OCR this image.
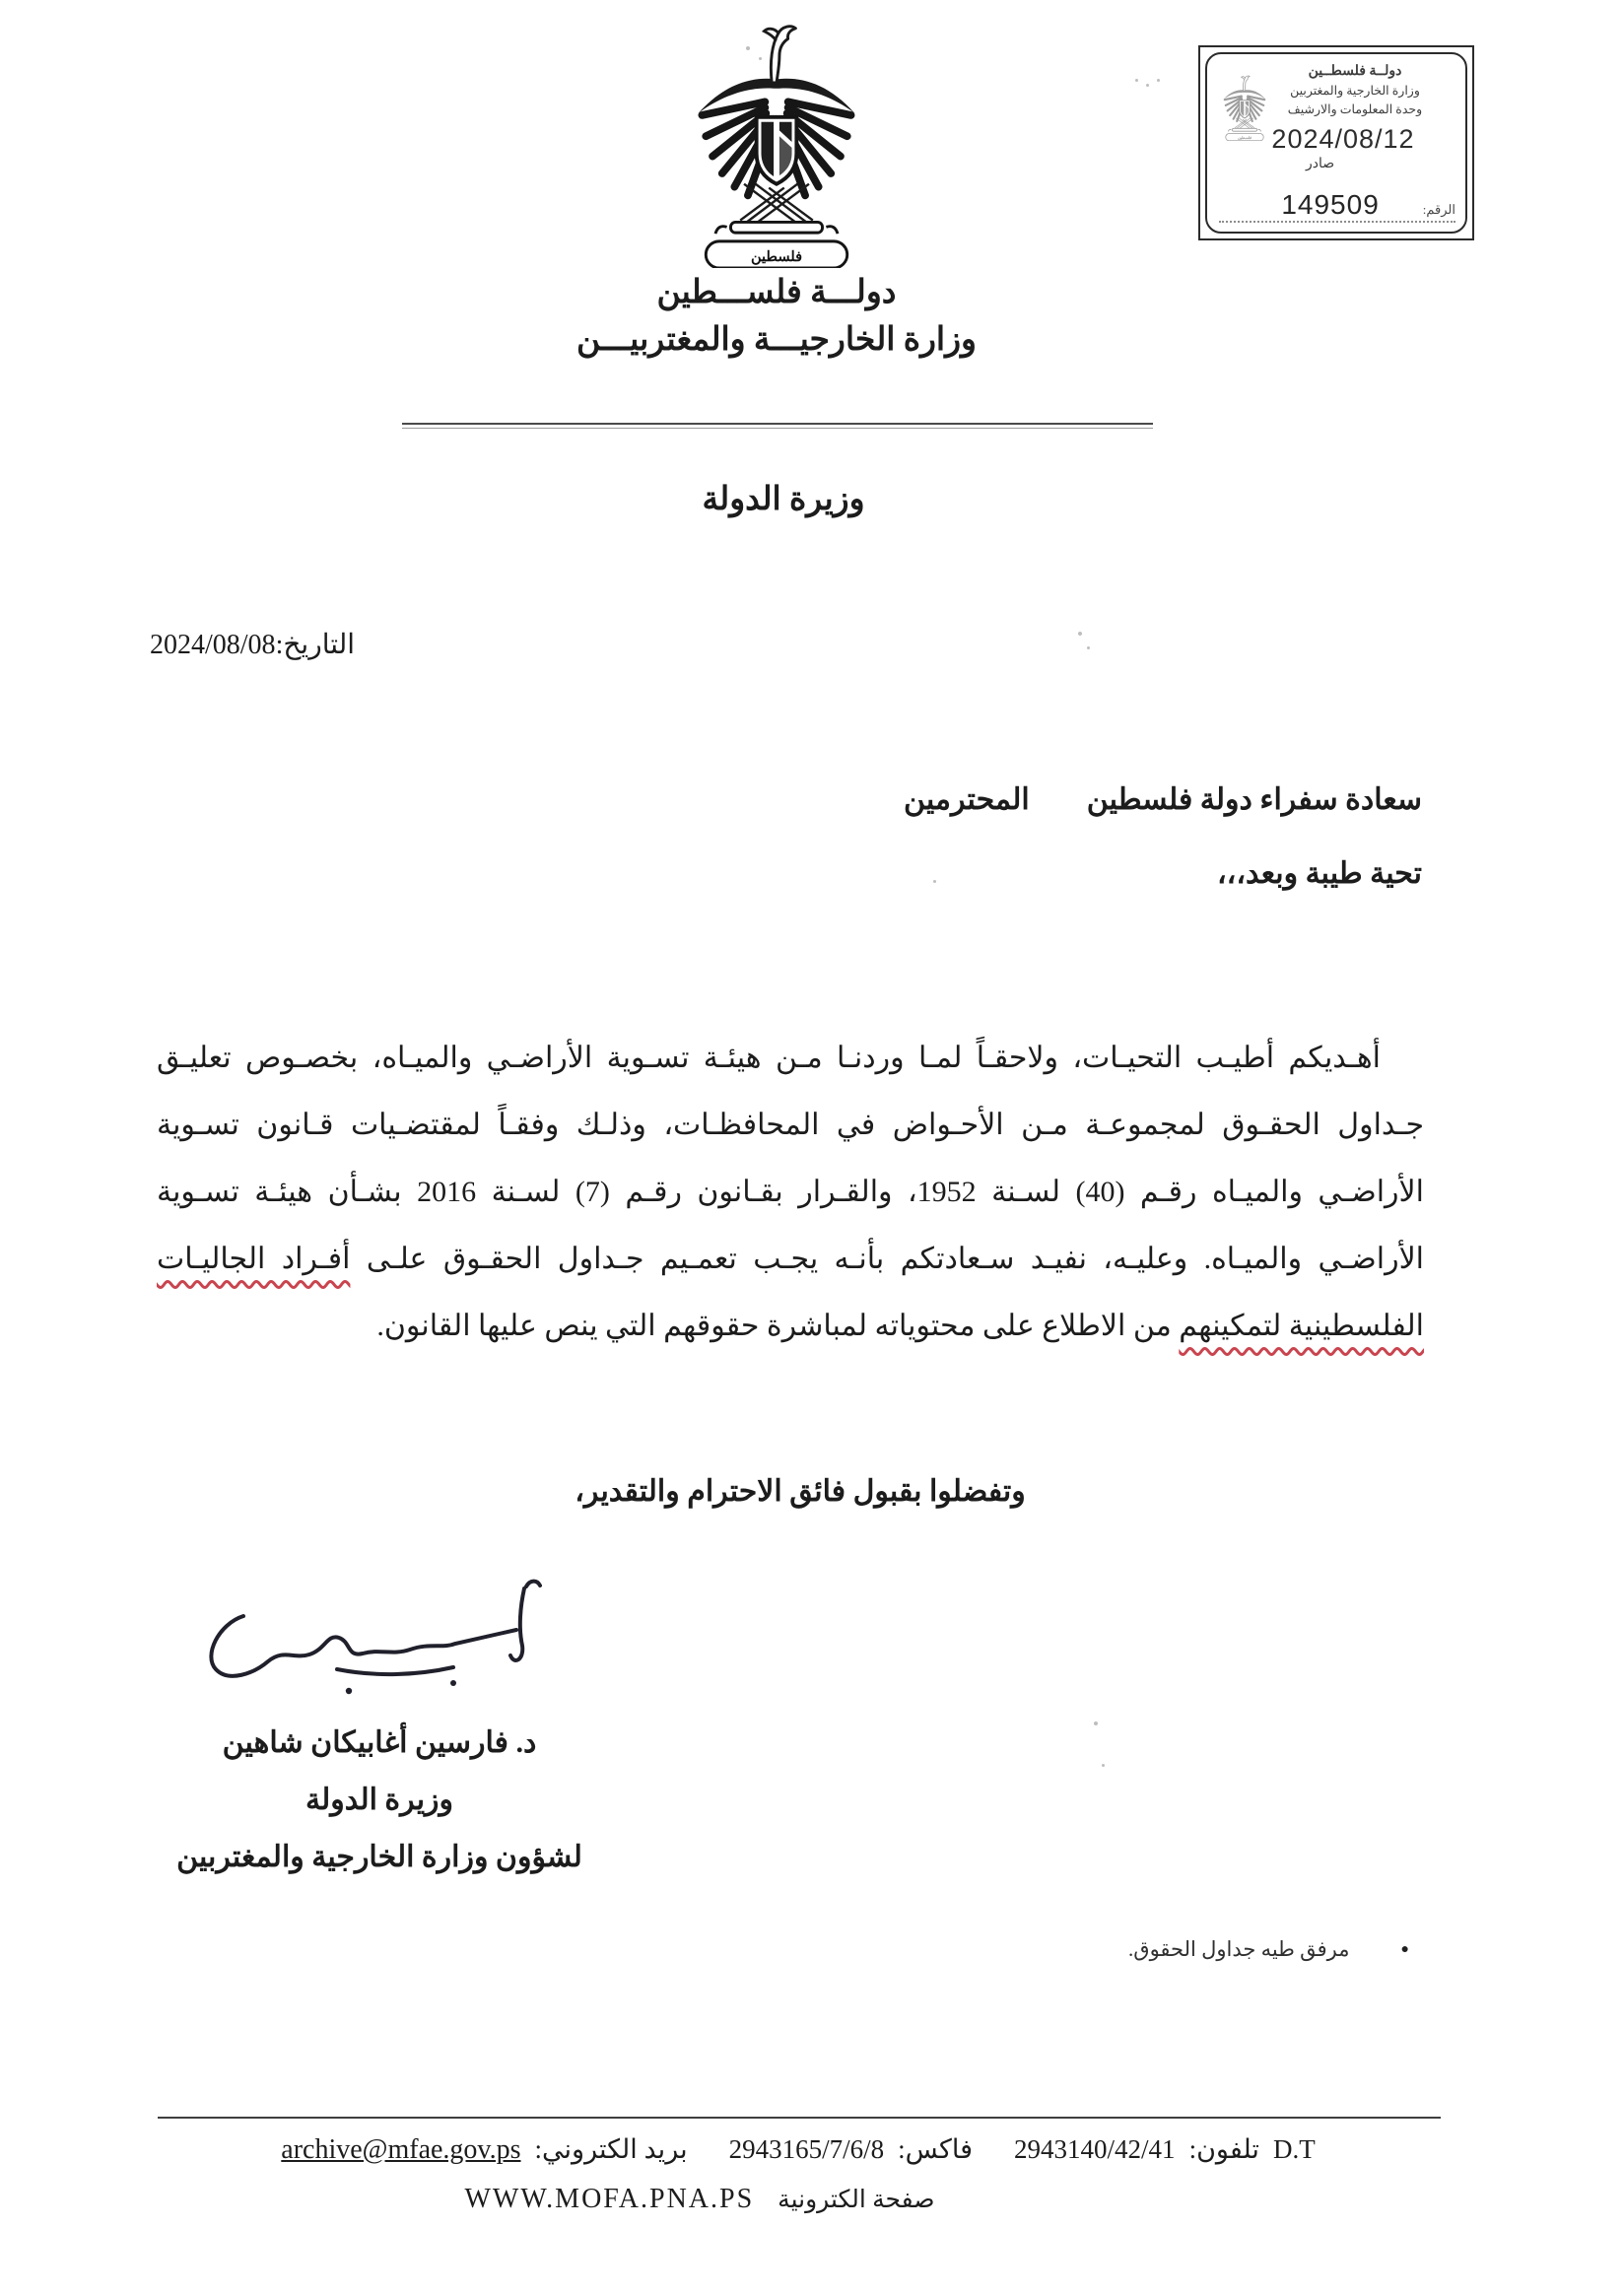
دولــة فلسطــين
وزارة الخارجية والمغتربين
وحدة المعلومات والارشيف
2024/08/12
صادر
الرقم:
149509
دولـــة فلســـطين
وزارة الخارجيـــة والمغتربيـــن
وزيرة الدولة
التاريخ:2024/08/08
سعادة سفراء دولة فلسطينالمحترمين
تحية طيبة وبعد،،،
أهـديكم أطيـب التحيـات، ولاحقـاً لمـا وردنـا مـن هيئـة تسـوية الأراضـي والميـاه، بخصـوص تعليـق
جـداول الحقـوق لمجموعـة مـن الأحـواض في المحافظـات، وذلـك وفقـاً لمقتضـيات قـانون تسـوية
الأراضـي والميـاه رقـم (40) لسـنة 1952، والقـرار بقـانون رقـم (7) لسـنة 2016 بشـأن هيئـة تسـوية
الأراضـي والميـاه. وعليـه، نفيـد سـعادتكم بأنـه يجـب تعمـيم جـداول الحقـوق علـى أفـراد الجاليـات
الفلسطينية لتمكينهم من الاطلاع على محتوياته لمباشرة حقوقهم التي ينص عليها القانون.
وتفضلوا بقبول فائق الاحترام والتقدير،
د. فارسين أغابيكان شاهين
وزيرة الدولة
لشؤون وزارة الخارجية والمغتربين
●
مرفق طيه جداول الحقوق.
D.T
تلفون:
2943140/42/41
فاكس:
2943165/7/6/8
بريد الكتروني:
archive@mfae.gov.ps
صفحة الكترونية
WWW.MOFA.PNA.PS
